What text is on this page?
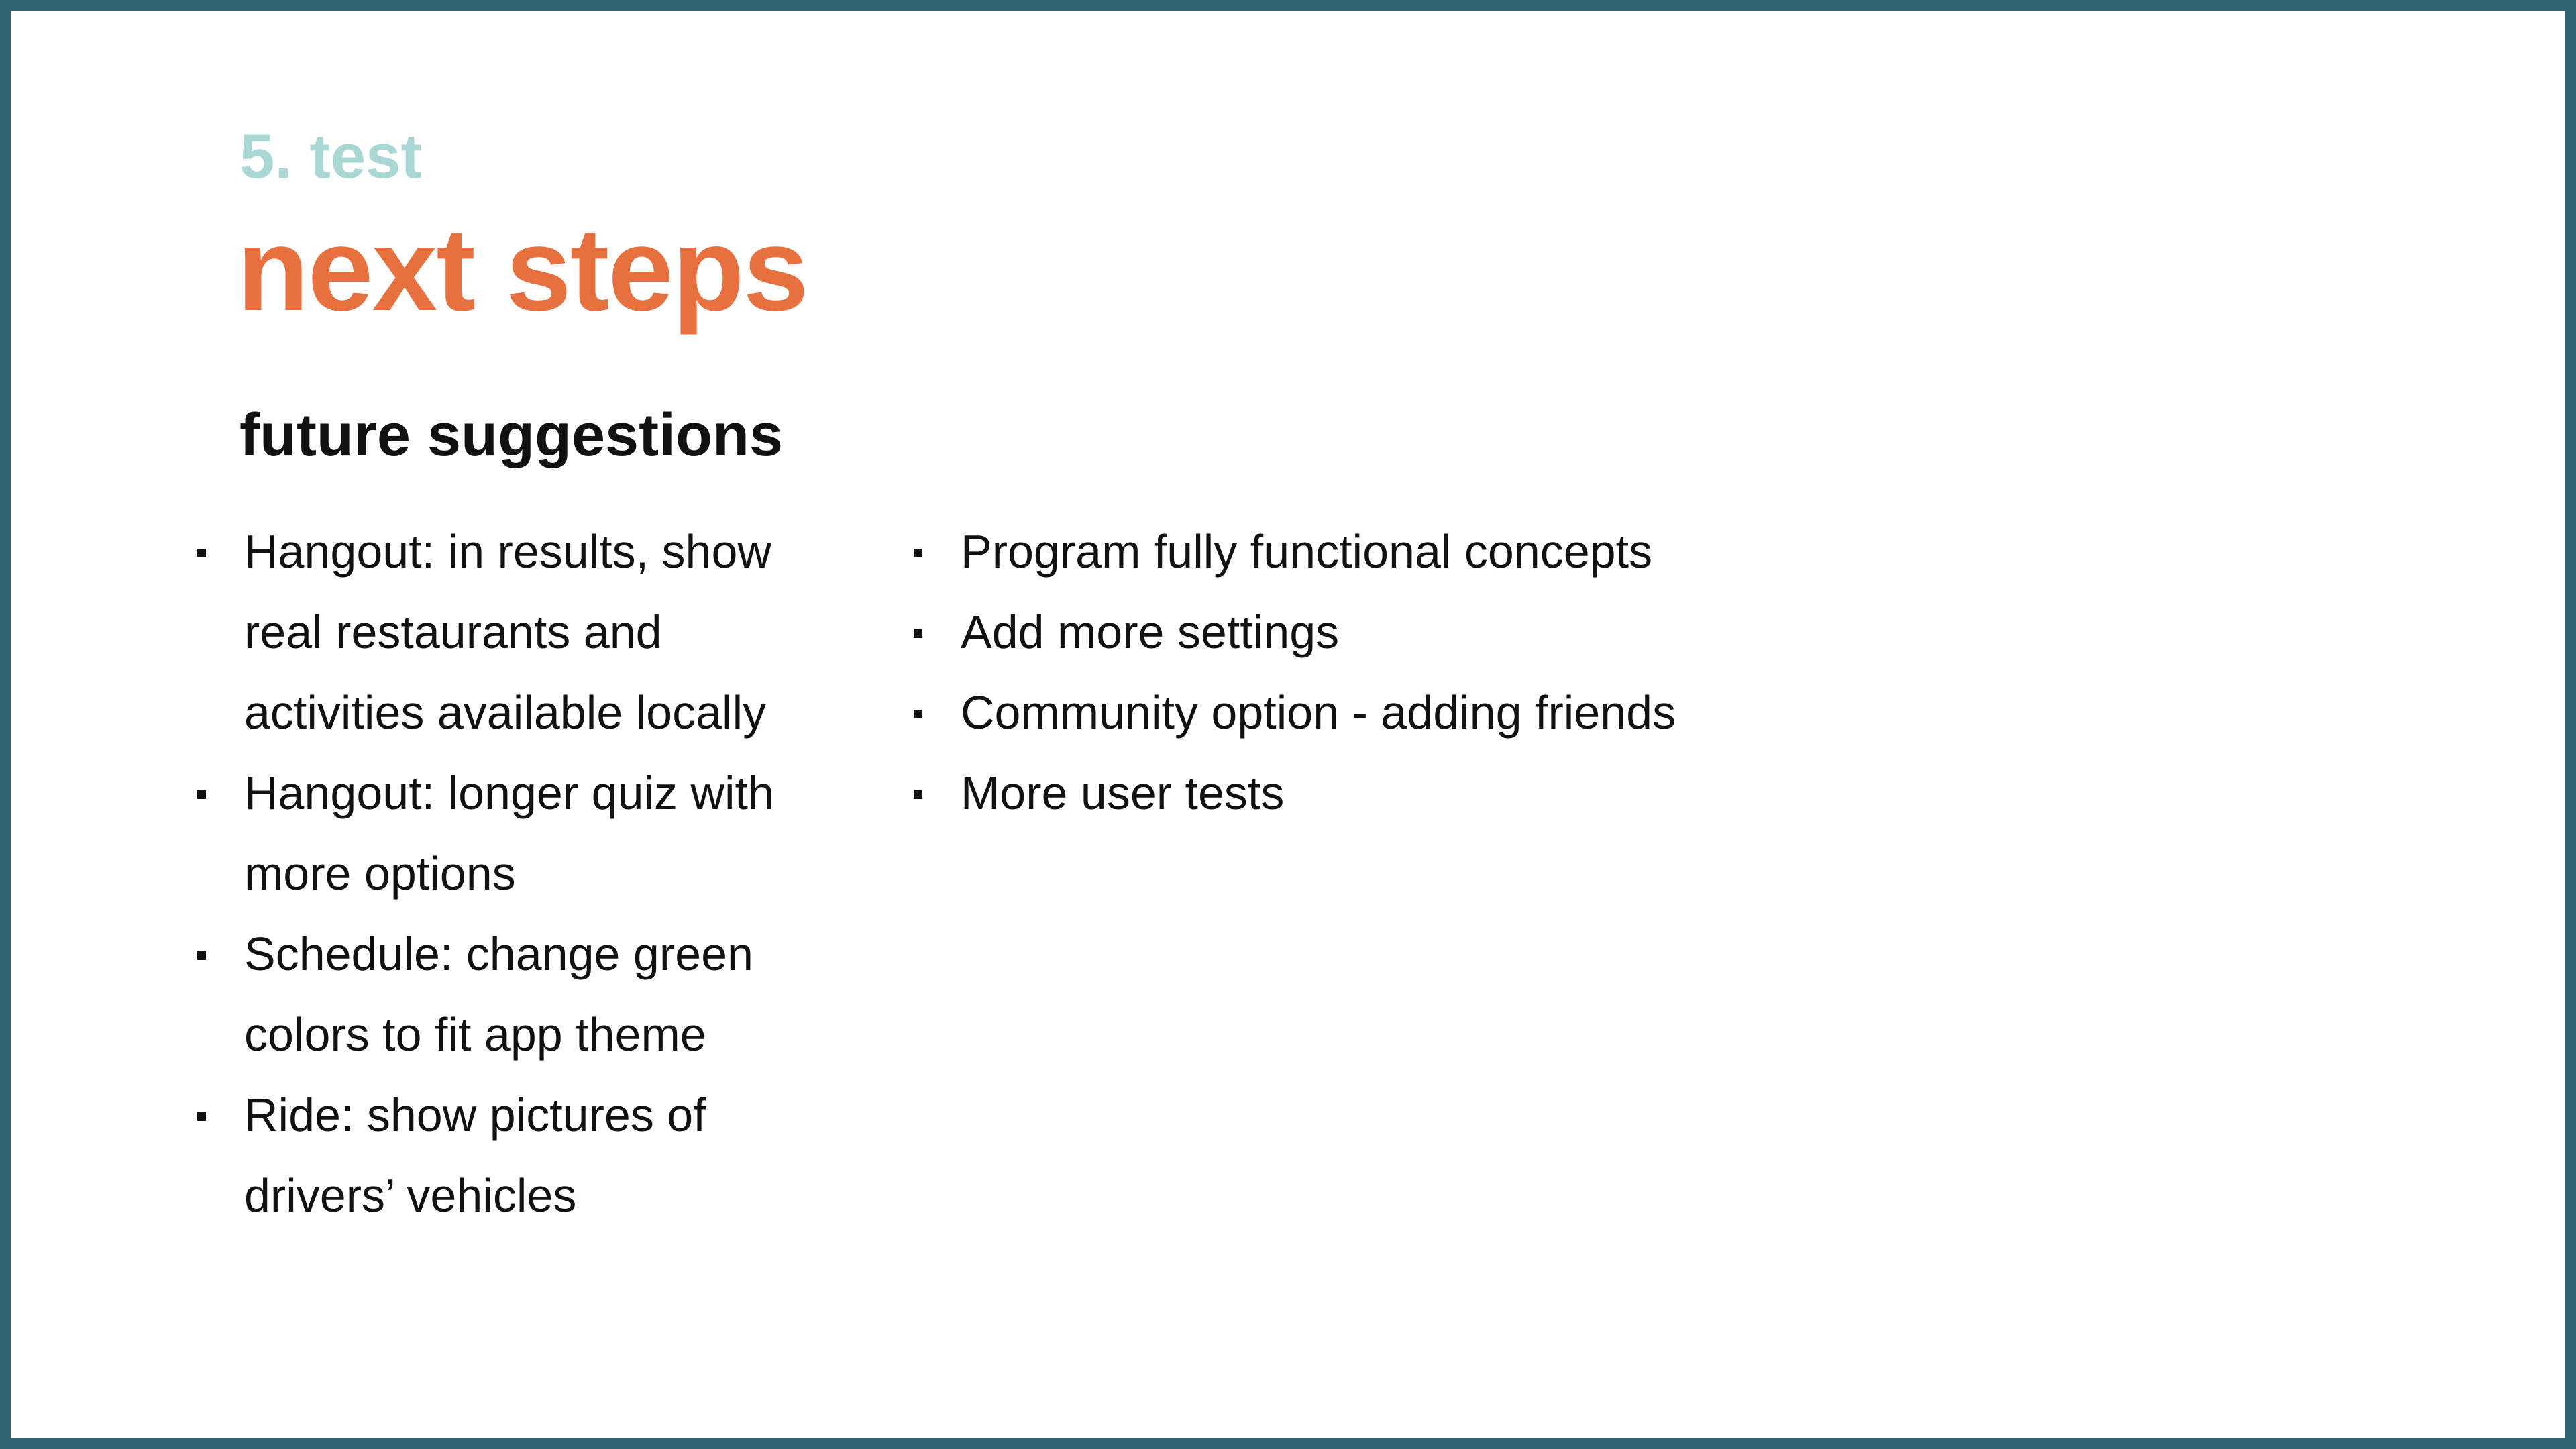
5. test
next steps
future suggestions
Hangout: in results, show real restaurants and activities available locally
Hangout: longer quiz with more options
Schedule: change green colors to fit app theme
Ride: show pictures of drivers’ vehicles
Program fully functional concepts
Add more settings
Community option - adding friends
More user tests
